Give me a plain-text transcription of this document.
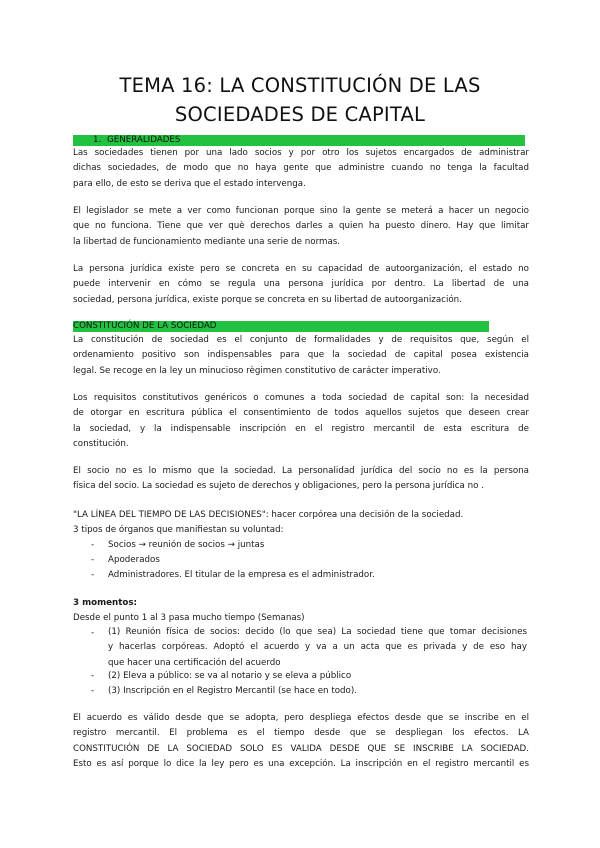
TEMA 16: LA CONSTITUCIÓN DE LAS
SOCIEDADES DE CAPITAL
1. GENERALIDADES
Las sociedades tienen por una lado socios y por otro los sujetos encargados de administrar
dichas sociedades, de modo que no haya gente que administre cuando no tenga la facultad
para ello, de esto se deriva que el estado intervenga.
El legislador se mete a ver como funcionan porque sino la gente se meterá a hacer un negocio
que no funciona. Tiene que ver què derechos darles a quien ha puesto dinero. Hay que limitar
la libertad de funcionamiento mediante una serie de normas.
La persona jurídica existe pero se concreta en su capacidad de autoorganización, el estado no
puede intervenir en cómo se regula una persona jurídica por dentro. La libertad de una
sociedad, persona jurídica, existe porque se concreta en su libertad de autoorganización.
CONSTITUCIÓN DE LA SOCIEDAD
La constitución de sociedad es el conjunto de formalidades y de requisitos que, según el
ordenamiento positivo son indispensables para que la sociedad de capital posea existencia
legal. Se recoge en la ley un minucioso règimen constitutivo de carácter imperativo.
Los requisitos constitutivos genéricos o comunes a toda sociedad de capital son: la necesidad
de otorgar en escritura pública el consentimiento de todos aquellos sujetos que deseen crear
la sociedad, y la indispensable inscripción en el registro mercantil de esta escritura de
constitución.
El socio no es lo mismo que la sociedad. La personalidad jurídica del socio no es la persona
física del socio. La sociedad es sujeto de derechos y obligaciones, pero la persona jurídica no .
"LA LÍNEA DEL TIEMPO DE LAS DECISIONES": hacer corpórea una decisión de la sociedad.
3 tipos de órganos que manifiestan su voluntad:
- Socios → reunión de socios → juntas
- Apoderados
- Administradores. El titular de la empresa es el administrador.
3 momentos:
Desde el punto 1 al 3 pasa mucho tiempo (Semanas)
- (1) Reunión física de socios: decido (lo que sea) La sociedad tiene que tomar decisiones
y hacerlas corpóreas. Adoptó el acuerdo y va a un acta que es privada y de eso hay
que hacer una certificación del acuerdo
- (2) Eleva a público: se va al notario y se eleva a público
- (3) Inscripción en el Registro Mercantil (se hace en todo).
El acuerdo es válido desde que se adopta, pero despliega efectos desde que se inscribe en el
registro mercantil. El problema es el tiempo desde que se despliegan los efectos. LA
CONSTITUCIÓN DE LA SOCIEDAD SOLO ES VALIDA DESDE QUE SE INSCRIBE LA SOCIEDAD.
Esto es así porque lo dice la ley pero es una excepción. La inscripción en el registro mercantil es
